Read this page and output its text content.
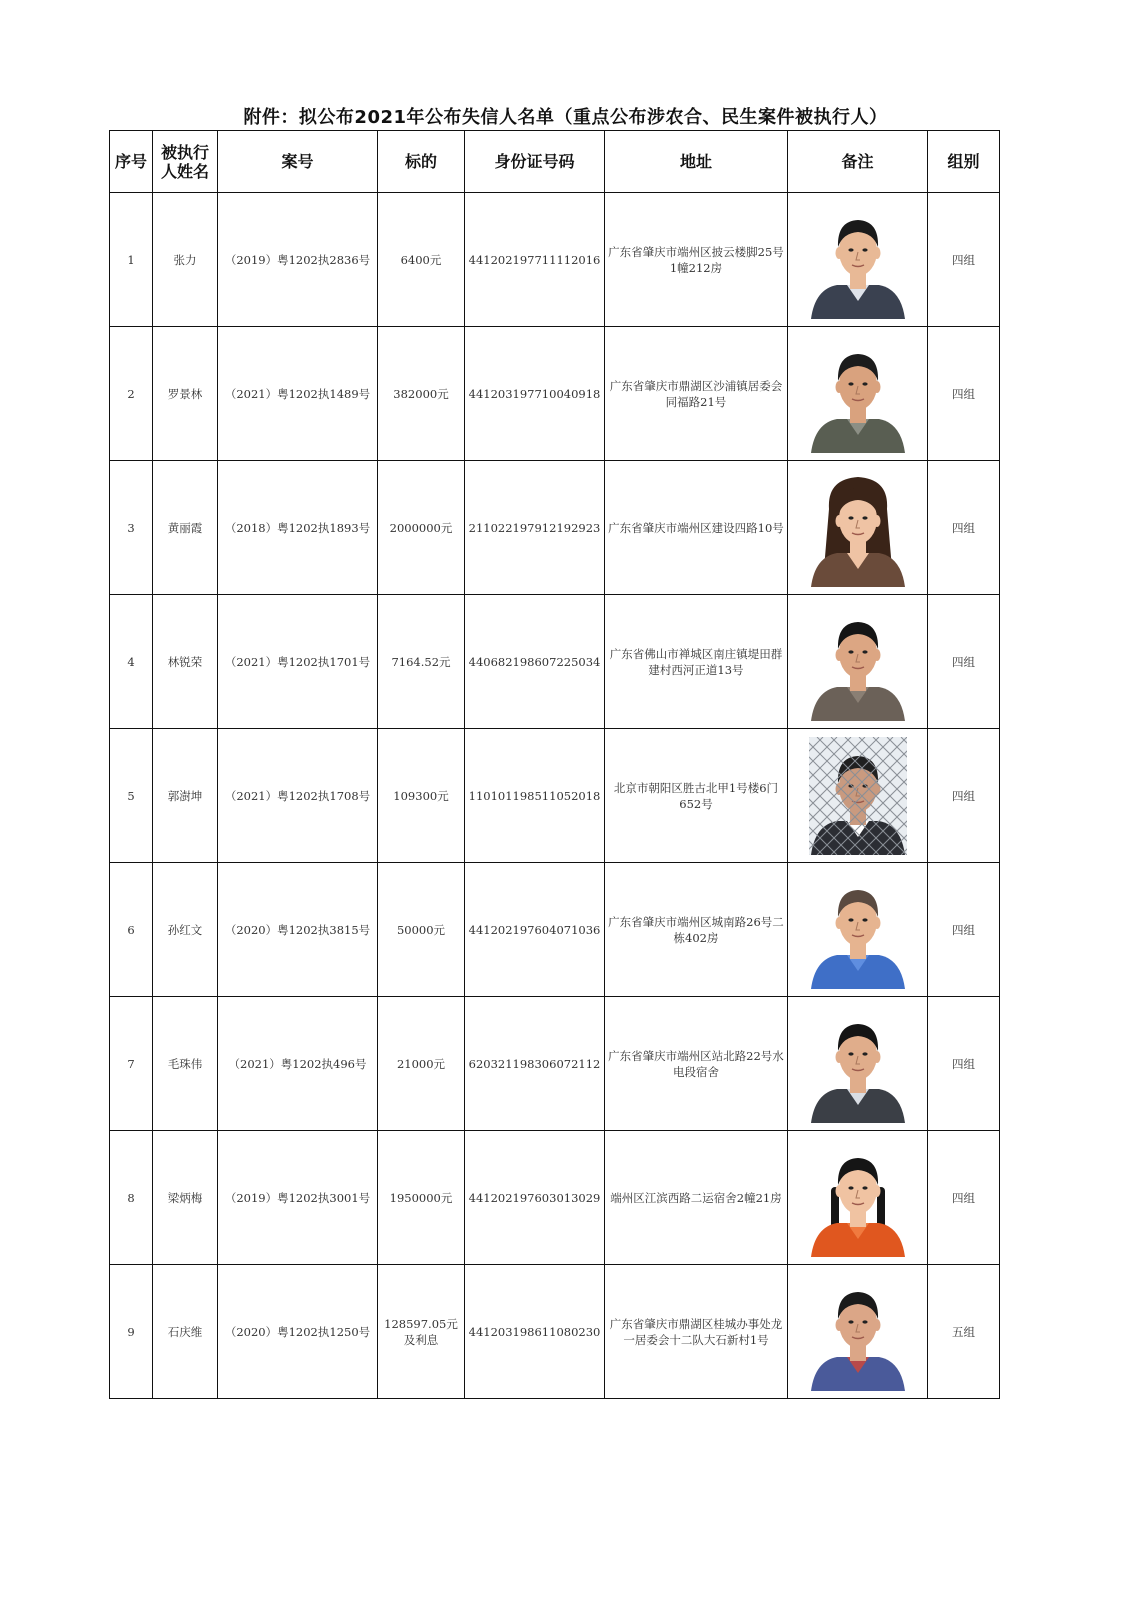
附件：拟公布2021年公布失信人名单（重点公布涉农合、民生案件被执行人）
序号	被执行人姓名	案号	标的	身份证号码	地址	备注	组别
1	张力	（2019）粤1202执2836号	6400元	441202197711112016	广东省肇庆市端州区披云楼脚25号1幢212房		四组
2	罗景林	（2021）粤1202执1489号	382000元	441203197710040918	广东省肇庆市鼎湖区沙浦镇居委会同福路21号		四组
3	黄丽霞	（2018）粤1202执1893号	2000000元	211022197912192923	广东省肇庆市端州区建设四路10号		四组
4	林锐荣	（2021）粤1202执1701号	7164.52元	440682198607225034	广东省佛山市禅城区南庄镇堤田群建村西河正道13号		四组
5	郭澍坤	（2021）粤1202执1708号	109300元	110101198511052018	北京市朝阳区胜古北甲1号楼6门652号		四组
6	孙红文	（2020）粤1202执3815号	50000元	441202197604071036	广东省肇庆市端州区城南路26号二栋402房		四组
7	毛珠伟	（2021）粤1202执496号	21000元	620321198306072112	广东省肇庆市端州区站北路22号水电段宿舍		四组
8	梁炳梅	（2019）粤1202执3001号	1950000元	441202197603013029	端州区江滨西路二运宿舍2幢21房		四组
9	石庆维	（2020）粤1202执1250号	128597.05元及利息	441203198611080230	广东省肇庆市鼎湖区桂城办事处龙一居委会十二队大石新村1号		五组
